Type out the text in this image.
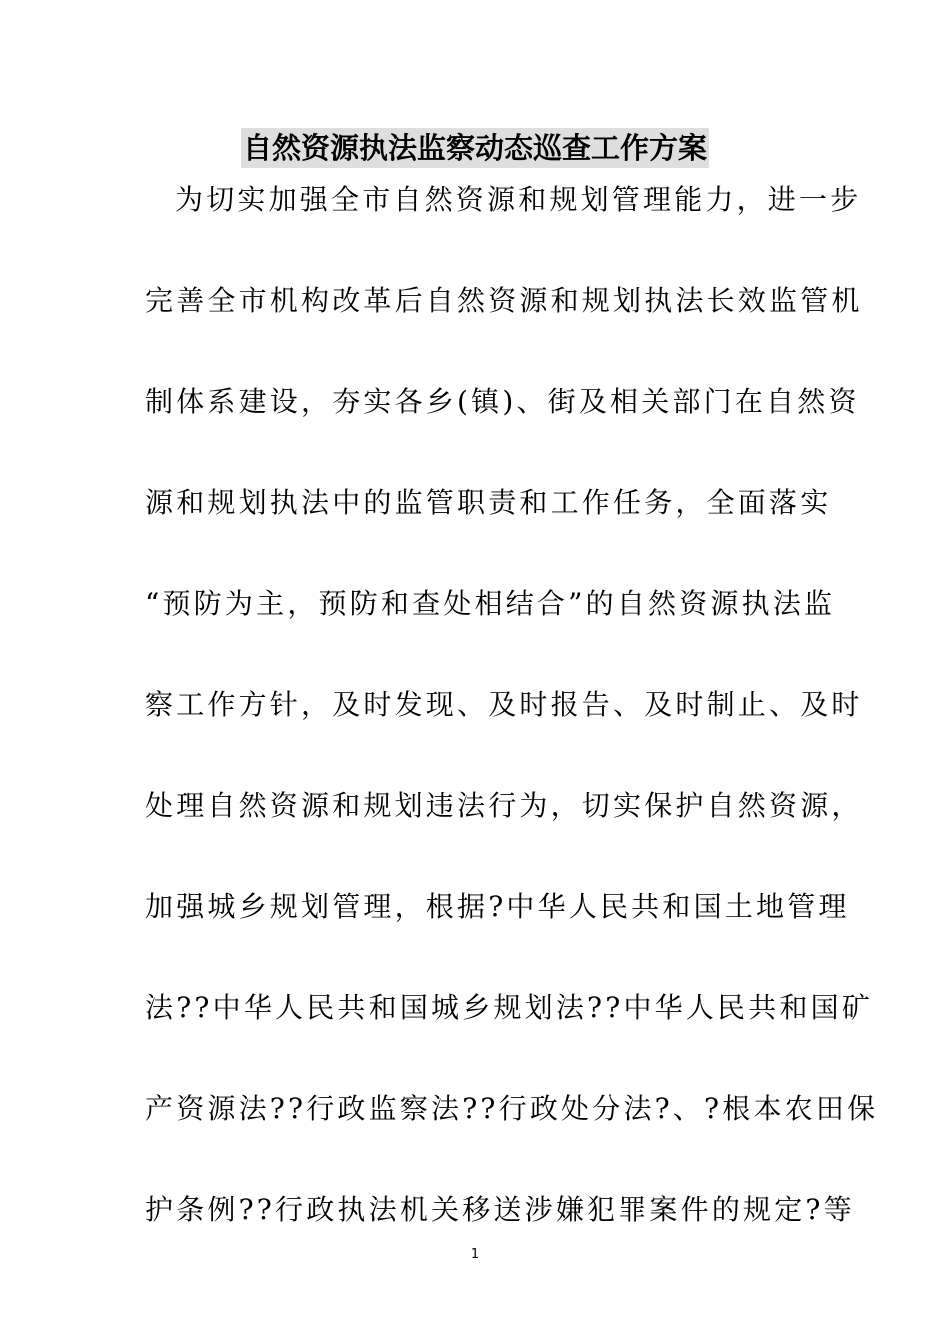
自然资源执法监察动态巡查工作方案
为切实加强全市自然资源和规划管理能力，进一步
完善全市机构改革后自然资源和规划执法长效监管机
制体系建设，夯实各乡(镇)、街及相关部门在自然资
源和规划执法中的监管职责和工作任务，全面落实
“预防为主，预防和查处相结合”的自然资源执法监
察工作方针，及时发现、及时报告、及时制止、及时
处理自然资源和规划违法行为，切实保护自然资源，
加强城乡规划管理，根据?中华人民共和国土地管理
法??中华人民共和国城乡规划法??中华人民共和国矿
产资源法??行政监察法??行政处分法?、?根本农田保
护条例??行政执法机关移送涉嫌犯罪案件的规定?等
1
